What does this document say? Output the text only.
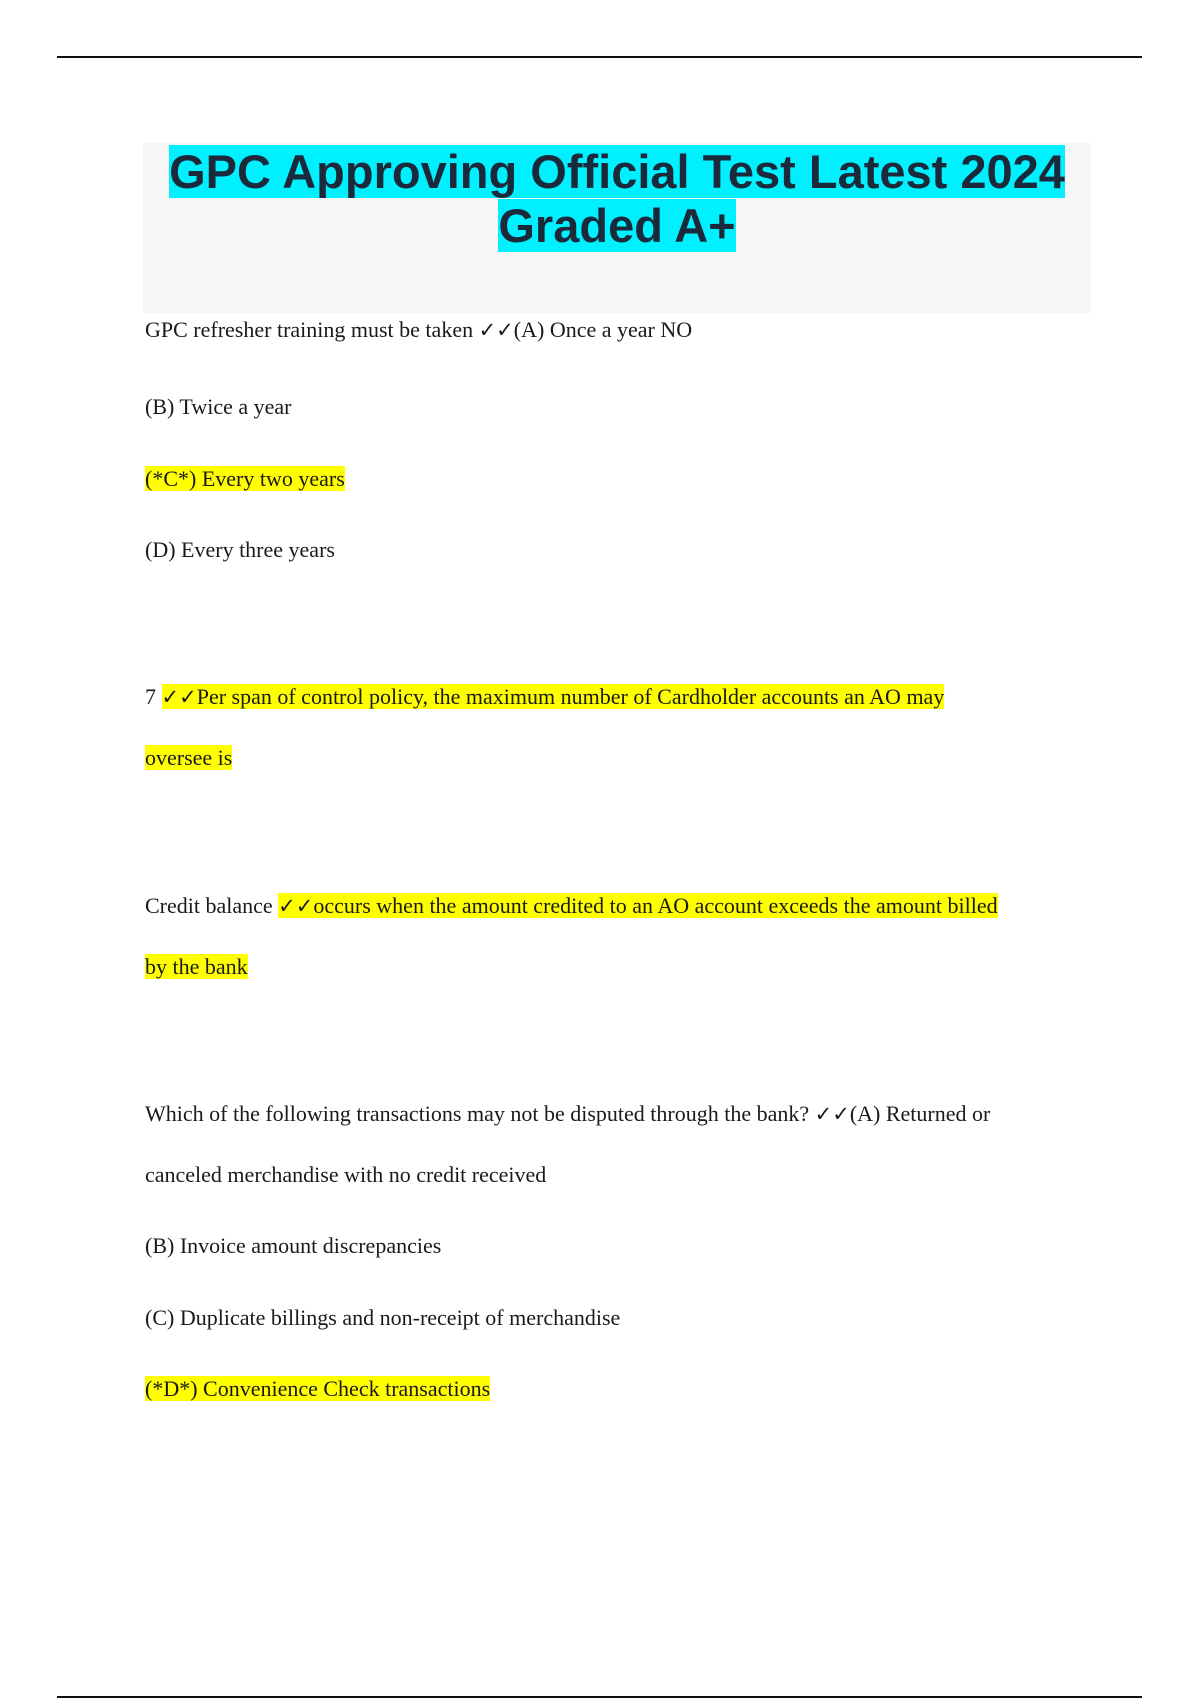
GPC Approving Official Test Latest 2024
Graded A+

GPC refresher training must be taken ✓✓(A) Once a year NO

(B) Twice a year

(*C*) Every two years

(D) Every three years

7 ✓✓Per span of control policy, the maximum number of Cardholder accounts an AO may

oversee is

Credit balance ✓✓occurs when the amount credited to an AO account exceeds the amount billed

by the bank

Which of the following transactions may not be disputed through the bank? ✓✓(A) Returned or

canceled merchandise with no credit received

(B) Invoice amount discrepancies

(C) Duplicate billings and non-receipt of merchandise

(*D*) Convenience Check transactions
